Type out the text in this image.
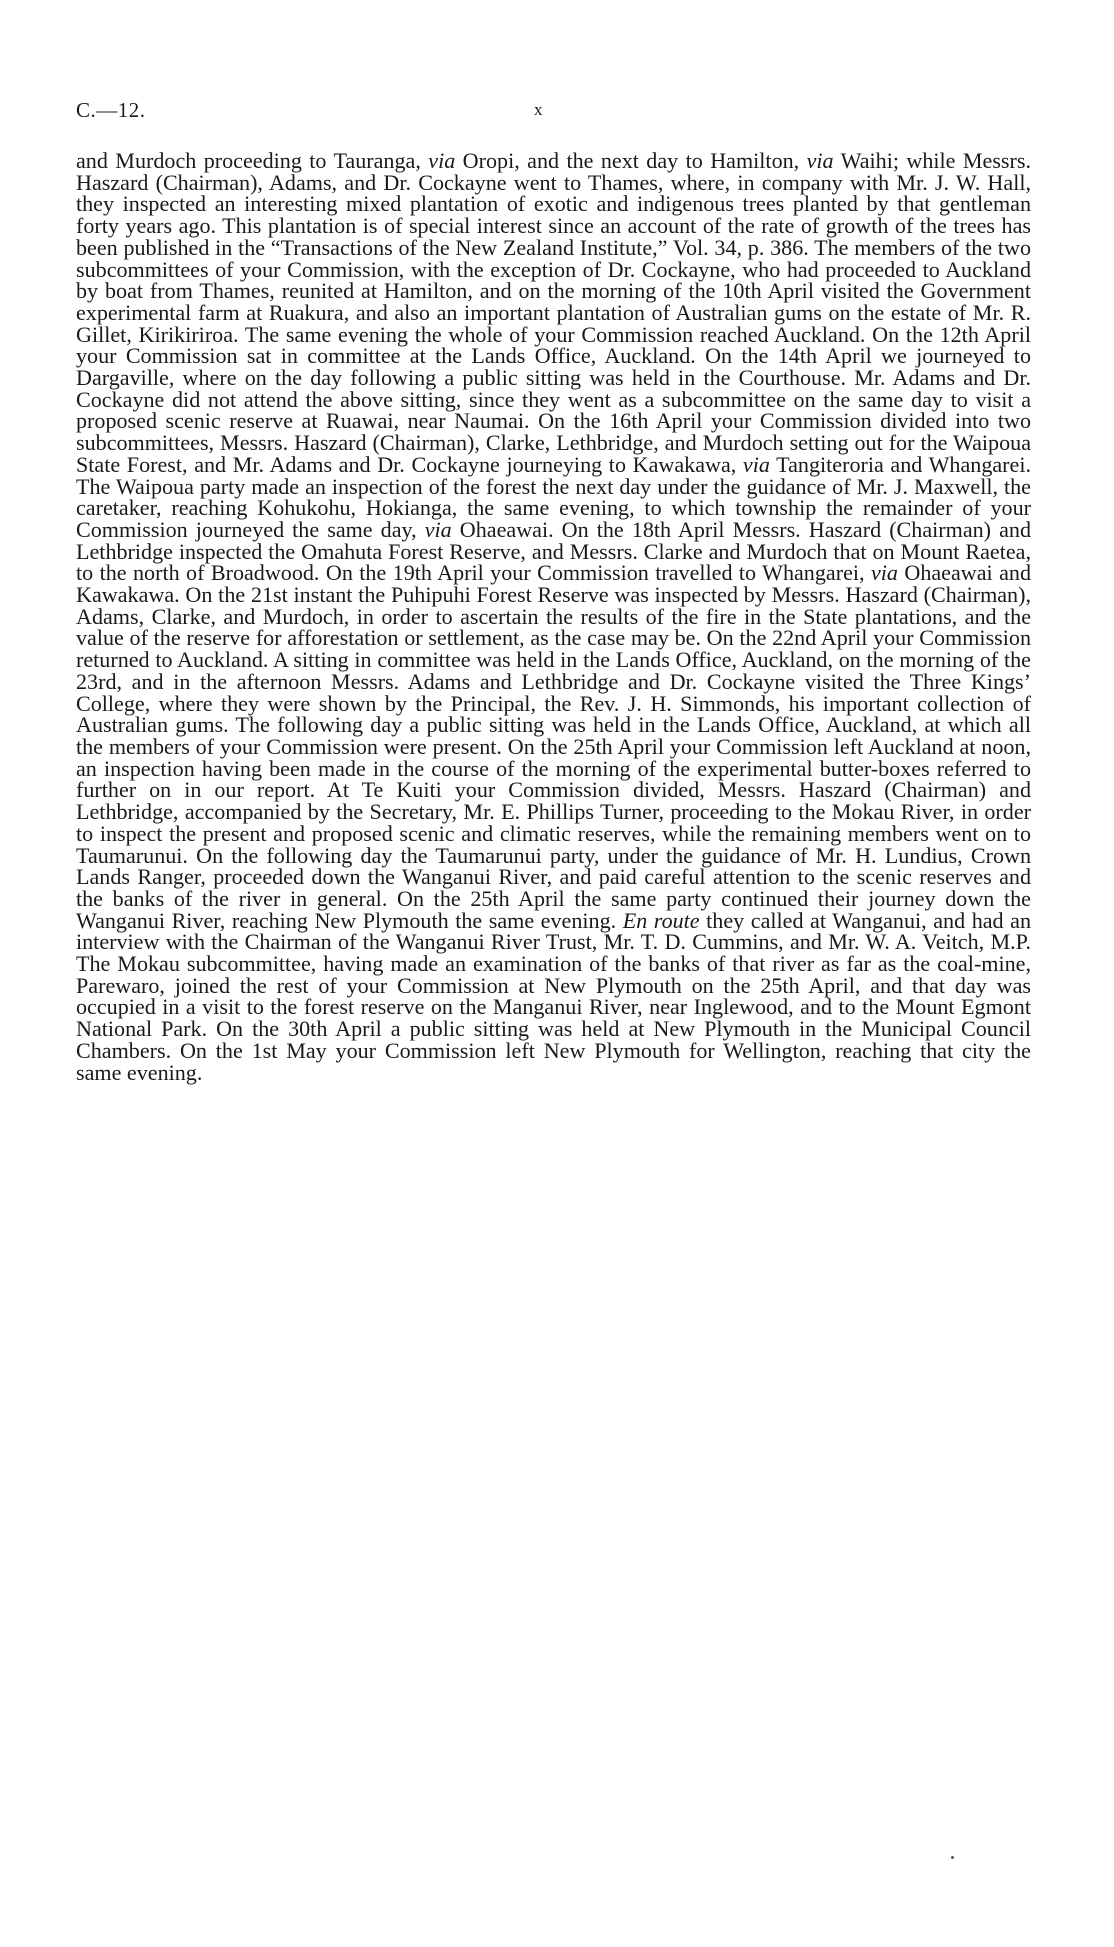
C.—12.	x

and Murdoch proceeding to Tauranga, via Oropi, and the next day to Hamilton, via Waihi; while Messrs. Haszard (Chairman), Adams, and Dr. Cockayne went to Thames, where, in company with Mr. J. W. Hall, they inspected an interesting mixed plantation of exotic and indigenous trees planted by that gentleman forty years ago. This plantation is of special interest since an account of the rate of growth of the trees has been published in the “Transactions of the New Zealand Institute,” Vol. 34, p. 386. The members of the two subcommittees of your Commission, with the exception of Dr. Cockayne, who had proceeded to Auckland by boat from Thames, reunited at Hamilton, and on the morning of the 10th April visited the Government experimental farm at Ruakura, and also an important plantation of Australian gums on the estate of Mr. R. Gillet, Kirikiriroa. The same evening the whole of your Commission reached Auckland. On the 12th April your Commission sat in committee at the Lands Office, Auckland. On the 14th April we journeyed to Dargaville, where on the day following a public sitting was held in the Courthouse. Mr. Adams and Dr. Cockayne did not attend the above sitting, since they went as a subcommittee on the same day to visit a proposed scenic reserve at Ruawai, near Naumai. On the 16th April your Commission divided into two subcommittees, Messrs. Haszard (Chairman), Clarke, Lethbridge, and Murdoch setting out for the Waipoua State Forest, and Mr. Adams and Dr. Cockayne journeying to Kawakawa, via Tangiteroria and Whangarei. The Waipoua party made an inspection of the forest the next day under the guidance of Mr. J. Maxwell, the caretaker, reaching Kohukohu, Hokianga, the same evening, to which township the remainder of your Commission journeyed the same day, via Ohaeawai. On the 18th April Messrs. Haszard (Chairman) and Lethbridge inspected the Omahuta Forest Reserve, and Messrs. Clarke and Murdoch that on Mount Raetea, to the north of Broadwood. On the 19th April your Commission travelled to Whangarei, via Ohaeawai and Kawakawa. On the 21st instant the Puhipuhi Forest Reserve was inspected by Messrs. Haszard (Chairman), Adams, Clarke, and Murdoch, in order to ascertain the results of the fire in the State plantations, and the value of the reserve for afforestation or settlement, as the case may be. On the 22nd April your Commission returned to Auckland. A sitting in committee was held in the Lands Office, Auckland, on the morning of the 23rd, and in the afternoon Messrs. Adams and Lethbridge and Dr. Cockayne visited the Three Kings’ College, where they were shown by the Principal, the Rev. J. H. Simmonds, his important collection of Australian gums. The following day a public sitting was held in the Lands Office, Auckland, at which all the members of your Commission were present. On the 25th April your Commission left Auckland at noon, an inspection having been made in the course of the morning of the experimental butter-boxes referred to further on in our report. At Te Kuiti your Commission divided, Messrs. Haszard (Chairman) and Lethbridge, accompanied by the Secretary, Mr. E. Phillips Turner, proceeding to the Mokau River, in order to inspect the present and proposed scenic and climatic reserves, while the remaining members went on to Taumarunui. On the following day the Taumarunui party, under the guidance of Mr. H. Lundius, Crown Lands Ranger, proceeded down the Wanganui River, and paid careful attention to the scenic reserves and the banks of the river in general. On the 25th April the same party continued their journey down the Wanganui River, reaching New Plymouth the same evening. En route they called at Wanganui, and had an interview with the Chairman of the Wanganui River Trust, Mr. T. D. Cummins, and Mr. W. A. Veitch, M.P. The Mokau subcommittee, having made an examination of the banks of that river as far as the coal-mine, Parewaro, joined the rest of your Commission at New Plymouth on the 25th April, and that day was occupied in a visit to the forest reserve on the Manganui River, near Inglewood, and to the Mount Egmont National Park. On the 30th April a public sitting was held at New Plymouth in the Municipal Council Chambers. On the 1st May your Commission left New Plymouth for Wellington, reaching that city the same evening.
